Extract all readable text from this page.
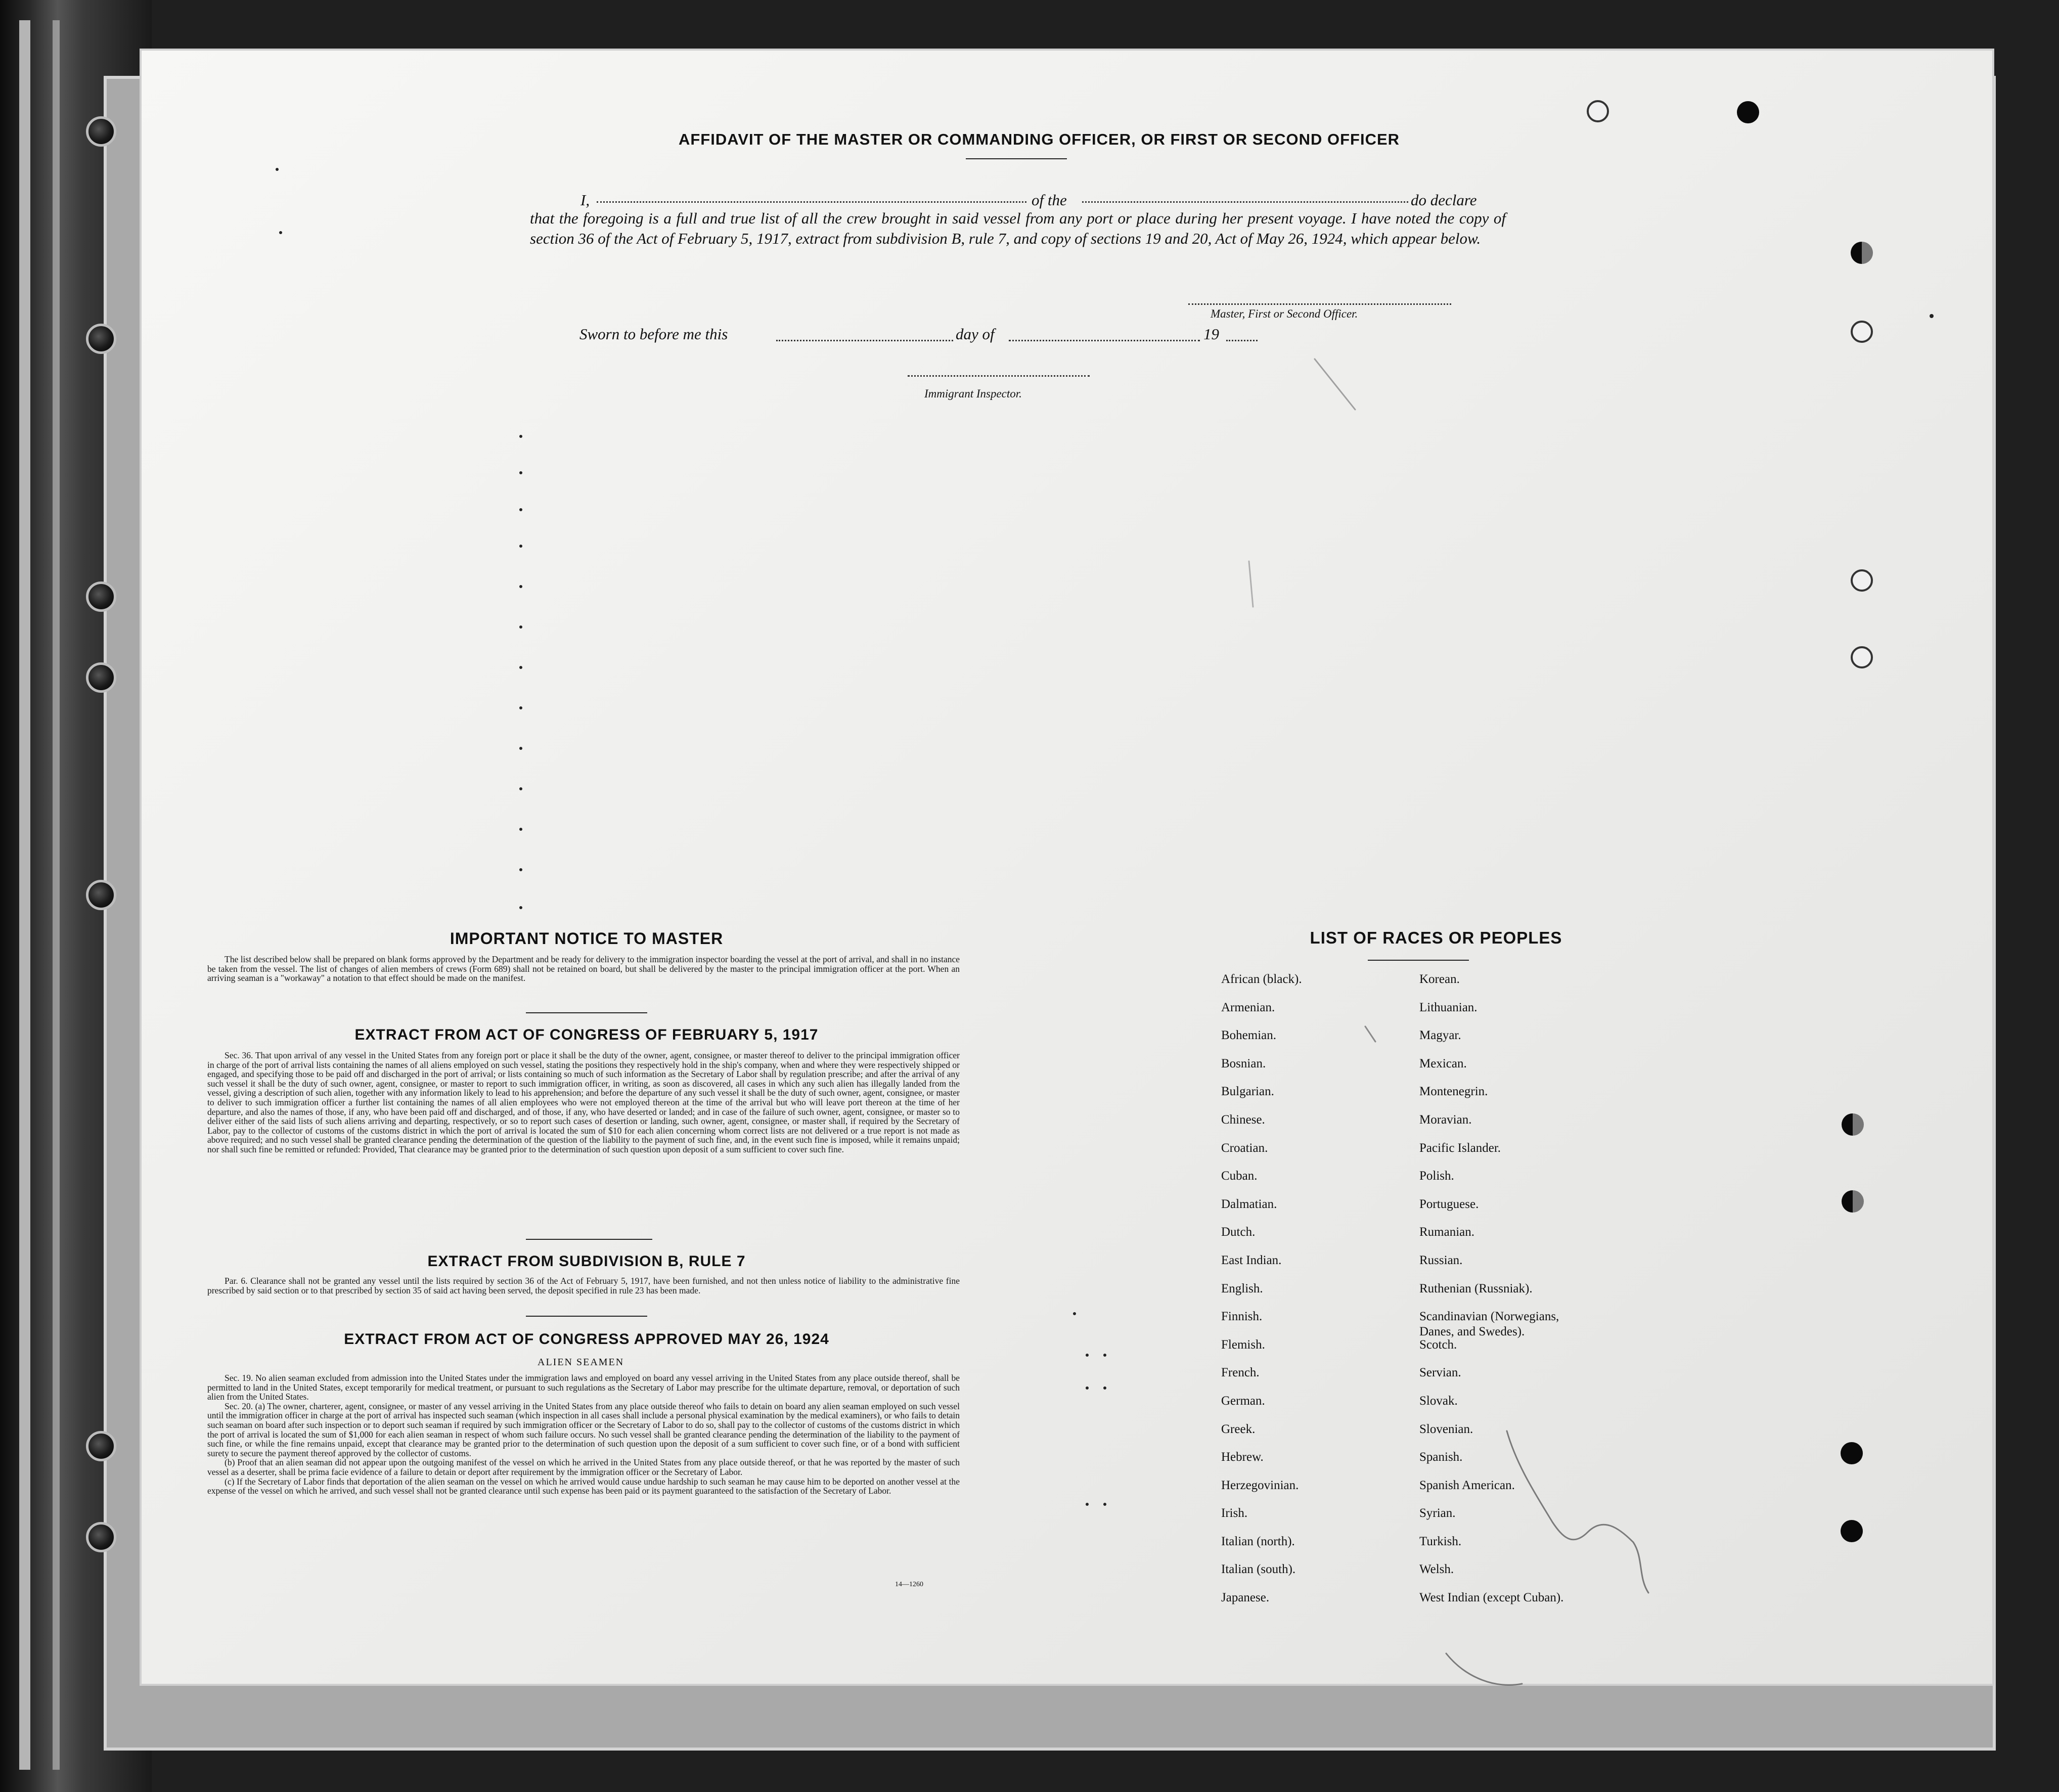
AFFIDAVIT OF THE MASTER OR COMMANDING OFFICER, OR FIRST OR SECOND OFFICER
I,	of the	do declare
that the foregoing is a full and true list of all the crew brought in said vessel from any port or place during her present voyage. I have noted the copy of section 36 of the Act of February 5, 1917, extract from subdivision B, rule 7, and copy of sections 19 and 20, Act of May 26, 1924, which appear below.
Master, First or Second Officer.
Sworn to before me this	day of	19
Immigrant Inspector.
IMPORTANT NOTICE TO MASTER

The list described below shall be prepared on blank forms approved by the Department and be ready for delivery to the immigration inspector boarding the vessel at the port of arrival, and shall in no instance be taken from the vessel. The list of changes of alien members of crews (Form 689) shall not be retained on board, but shall be delivered by the master to the principal immigration officer at the port. When an arriving seaman is a "workaway" a notation to that effect should be made on the manifest.

EXTRACT FROM ACT OF CONGRESS OF FEBRUARY 5, 1917

Sec. 36. That upon arrival of any vessel in the United States from any foreign port or place it shall be the duty of the owner, agent, consignee, or master thereof to deliver to the principal immigration officer in charge of the port of arrival lists containing the names of all aliens employed on such vessel, stating the positions they respectively hold in the ship's company, when and where they were respectively shipped or engaged, and specifying those to be paid off and discharged in the port of arrival; or lists containing so much of such information as the Secretary of Labor shall by regulation prescribe; and after the arrival of any such vessel it shall be the duty of such owner, agent, consignee, or master to report to such immigration officer, in writing, as soon as discovered, all cases in which any such alien has illegally landed from the vessel, giving a description of such alien, together with any information likely to lead to his apprehension; and before the departure of any such vessel it shall be the duty of such owner, agent, consignee, or master to deliver to such immigration officer a further list containing the names of all alien employees who were not employed thereon at the time of the arrival but who will leave port thereon at the time of her departure, and also the names of those, if any, who have been paid off and discharged, and of those, if any, who have deserted or landed; and in case of the failure of such owner, agent, consignee, or master so to deliver either of the said lists of such aliens arriving and departing, respectively, or so to report such cases of desertion or landing, such owner, agent, consignee, or master shall, if required by the Secretary of Labor, pay to the collector of customs of the customs district in which the port of arrival is located the sum of $10 for each alien concerning whom correct lists are not delivered or a true report is not made as above required; and no such vessel shall be granted clearance pending the determination of the question of the liability to the payment of such fine, and, in the event such fine is imposed, while it remains unpaid; nor shall such fine be remitted or refunded: Provided, That clearance may be granted prior to the determination of such question upon deposit of a sum sufficient to cover such fine.

EXTRACT FROM SUBDIVISION B, RULE 7

Par. 6. Clearance shall not be granted any vessel until the lists required by section 36 of the Act of February 5, 1917, have been furnished, and not then unless notice of liability to the administrative fine prescribed by said section or to that prescribed by section 35 of said act having been served, the deposit specified in rule 23 has been made.

EXTRACT FROM ACT OF CONGRESS APPROVED MAY 26, 1924
ALIEN SEAMEN

Sec. 19. No alien seaman excluded from admission into the United States under the immigration laws and employed on board any vessel arriving in the United States from any place outside thereof, shall be permitted to land in the United States, except temporarily for medical treatment, or pursuant to such regulations as the Secretary of Labor may prescribe for the ultimate departure, removal, or deportation of such alien from the United States.

Sec. 20. (a) The owner, charterer, agent, consignee, or master of any vessel arriving in the United States from any place outside thereof who fails to detain on board any alien seaman employed on such vessel until the immigration officer in charge at the port of arrival has inspected such seaman (which inspection in all cases shall include a personal physical examination by the medical examiners), or who fails to detain such seaman on board after such inspection or to deport such seaman if required by such immigration officer or the Secretary of Labor to do so, shall pay to the collector of customs of the customs district in which the port of arrival is located the sum of $1,000 for each alien seaman in respect of whom such failure occurs. No such vessel shall be granted clearance pending the determination of the liability to the payment of such fine, or while the fine remains unpaid, except that clearance may be granted prior to the determination of such question upon the deposit of a sum sufficient to cover such fine, or of a bond with sufficient surety to secure the payment thereof approved by the collector of customs.

(b) Proof that an alien seaman did not appear upon the outgoing manifest of the vessel on which he arrived in the United States from any place outside thereof, or that he was reported by the master of such vessel as a deserter, shall be prima facie evidence of a failure to detain or deport after requirement by the immigration officer or the Secretary of Labor.

(c) If the Secretary of Labor finds that deportation of the alien seaman on the vessel on which he arrived would cause undue hardship to such seaman he may cause him to be deported on another vessel at the expense of the vessel on which he arrived, and such vessel shall not be granted clearance until such expense has been paid or its payment guaranteed to the satisfaction of the Secretary of Labor.

14—1260
LIST OF RACES OR PEOPLES
African (black).
Armenian.
Bohemian.
Bosnian.
Bulgarian.
Chinese.
Croatian.
Cuban.
Dalmatian.
Dutch.
East Indian.
English.
Finnish.
Flemish.
French.
German.
Greek.
Hebrew.
Herzegovinian.
Irish.
Italian (north).
Italian (south).
Japanese.
Korean.
Lithuanian.
Magyar.
Mexican.
Montenegrin.
Moravian.
Pacific Islander.
Polish.
Portuguese.
Rumanian.
Russian.
Ruthenian (Russniak).
Scandinavian (Norwegians,
Danes, and Swedes).
Scotch.
Servian.
Slovak.
Slovenian.
Spanish.
Spanish American.
Syrian.
Turkish.
Welsh.
West Indian (except Cuban).
